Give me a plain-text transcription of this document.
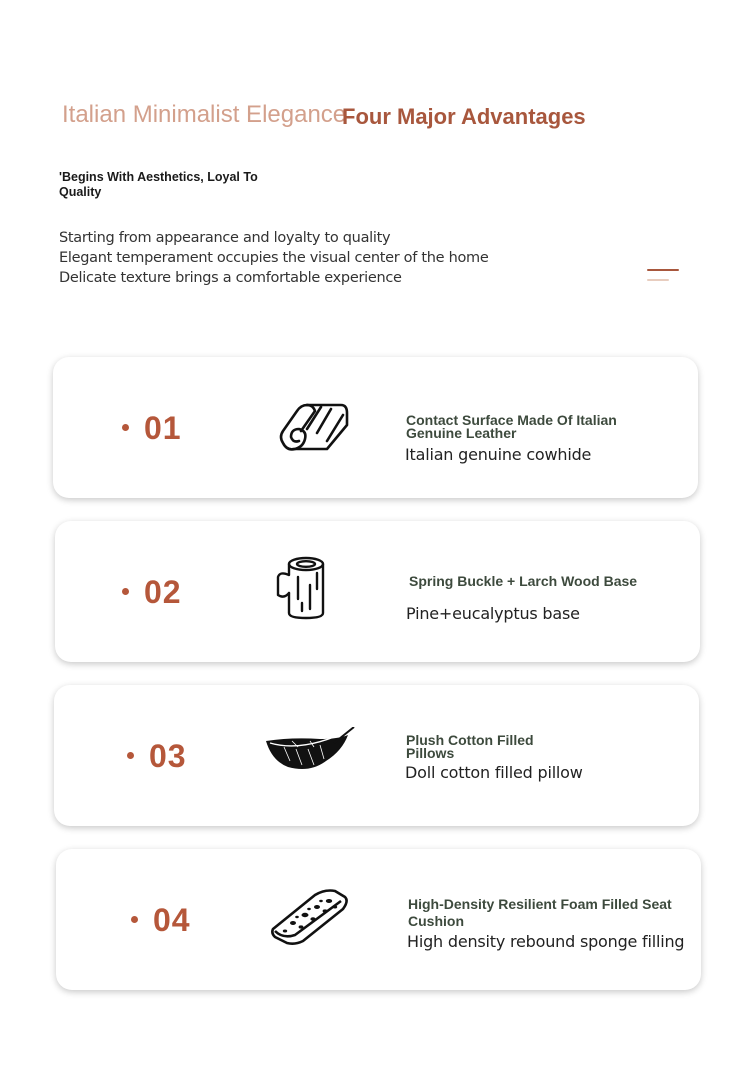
Italian Minimalist Elegance
Four Major Advantages
'Begins With Aesthetics, Loyal To Quality
Starting from appearance and loyalty to quality
Elegant temperament occupies the visual center of the home
Delicate texture brings a comfortable experience
01	Contact Surface Made Of Italian Genuine Leather
Italian genuine cowhide
02	Spring Buckle + Larch Wood Base
Pine+eucalyptus base
03	Plush Cotton Filled Pillows
Doll cotton filled pillow
04	High-Density Resilient Foam Filled Seat Cushion
High density rebound sponge filling
